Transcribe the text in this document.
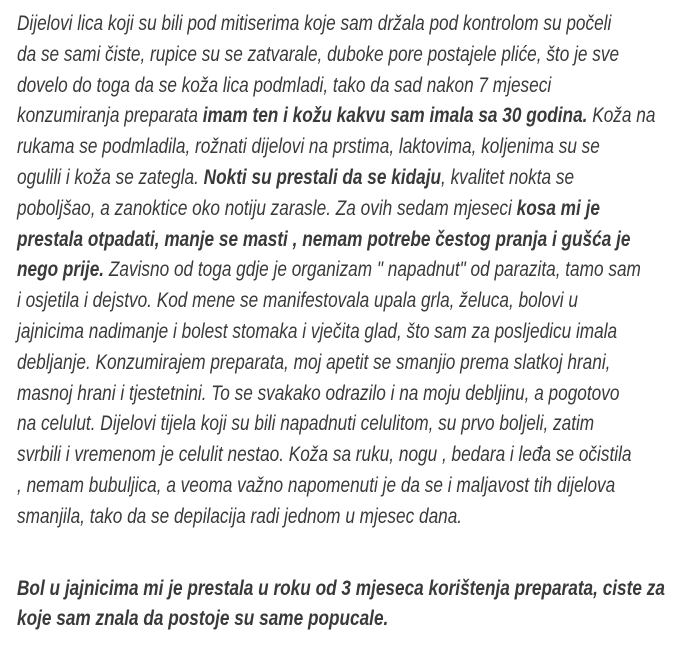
Dijelovi lica koji su bili pod mitiserima koje sam držala pod kontrolom su počeli
da se sami čiste, rupice su se zatvarale, duboke pore postajele pliće, što je sve
dovelo do toga da se koža lica podmladi, tako da sad nakon 7 mjeseci
konzumiranja preparata imam ten i kožu kakvu sam imala sa 30 godina. Koža na
rukama se podmladila, rožnati dijelovi na prstima, laktovima, koljenima su se
ogulili i koža se zategla. Nokti su prestali da se kidaju, kvalitet nokta se
poboljšao, a zanoktice oko notiju zarasle. Za ovih sedam mjeseci kosa mi je
prestala otpadati, manje se masti , nemam potrebe čestog pranja i gušća je
nego prije. Zavisno od toga gdje je organizam " napadnut" od parazita, tamo sam
i osjetila i dejstvo. Kod mene se manifestovala upala grla, želuca, bolovi u
jajnicima nadimanje i bolest stomaka i vječita glad, što sam za posljedicu imala
debljanje. Konzumirajem preparata, moj apetit se smanjio prema slatkoj hrani,
masnoj hrani i tjestetnini. To se svakako odrazilo i na moju debljinu, a pogotovo
na celulut. Dijelovi tijela koji su bili napadnuti celulitom, su prvo boljeli, zatim
svrbili i vremenom je celulit nestao. Koža sa ruku, nogu , bedara i leđa se očistila
, nemam bubuljica, a veoma važno napomenuti je da se i maljavost tih dijelova
smanjila, tako da se depilacija radi jednom u mjesec dana.
Bol u jajnicima mi je prestala u roku od 3 mjeseca korištenja preparata, ciste za
koje sam znala da postoje su same popucale.
